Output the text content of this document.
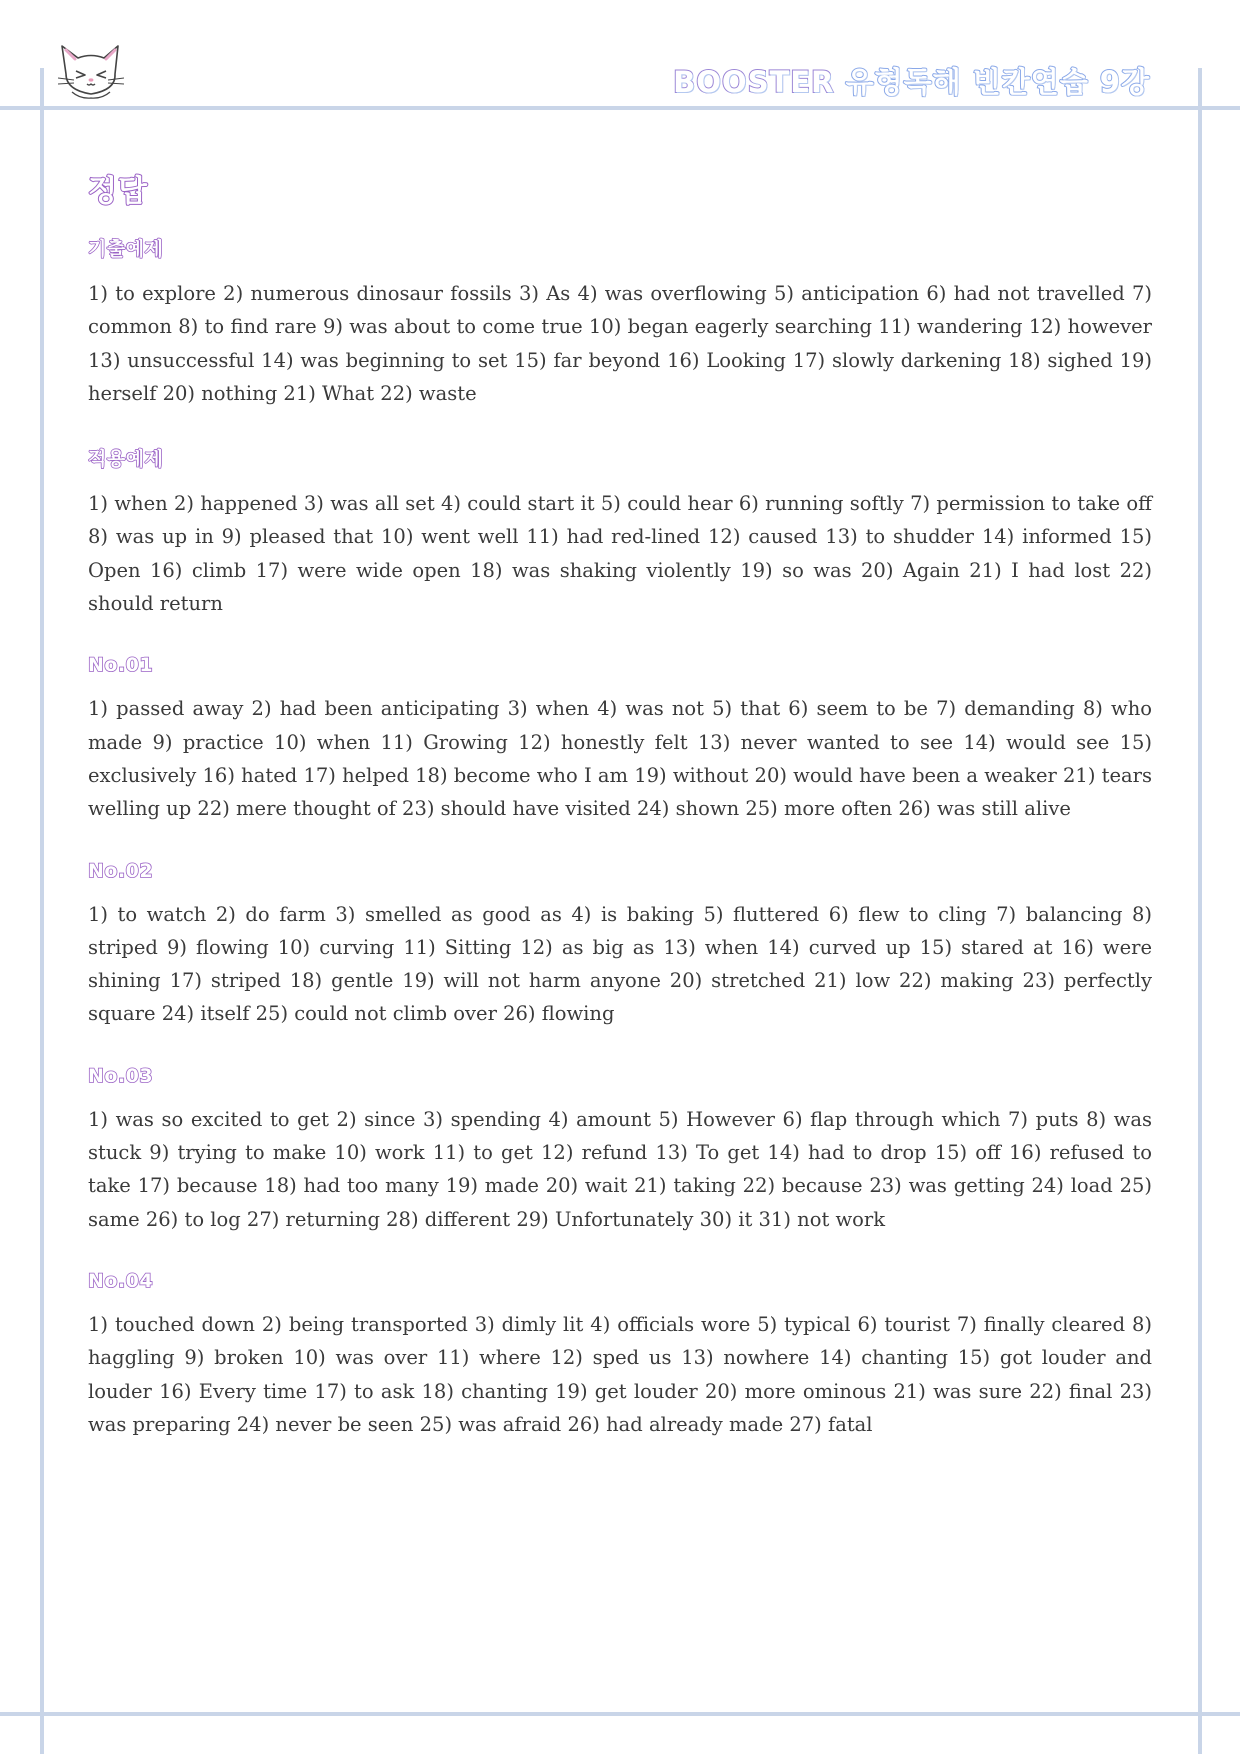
BOOSTER 유형독해 빈칸연습 9강
정답
기출예제

1) to explore 2) numerous dinosaur fossils 3) As 4) was overflowing 5) anticipation 6) had not travelled 7) common 8) to find rare 9) was about to come true 10) began eagerly searching 11) wandering 12) however 13) unsuccessful 14) was beginning to set 15) far beyond 16) Looking 17) slowly darkening 18) sighed 19) herself 20) nothing 21) What 22) waste

적용예제

1) when 2) happened 3) was all set 4) could start it 5) could hear 6) running softly 7) permission to take off 8) was up in 9) pleased that 10) went well 11) had red-lined 12) caused 13) to shudder 14) informed 15) Open 16) climb 17) were wide open 18) was shaking violently 19) so was 20) Again 21) I had lost 22) should return

No.01

1) passed away 2) had been anticipating 3) when 4) was not 5) that 6) seem to be 7) demanding 8) who made 9) practice 10) when 11) Growing 12) honestly felt 13) never wanted to see 14) would see 15) exclusively 16) hated 17) helped 18) become who I am 19) without 20) would have been a weaker 21) tears welling up 22) mere thought of 23) should have visited 24) shown 25) more often 26) was still alive

No.02

1) to watch 2) do farm 3) smelled as good as 4) is baking 5) fluttered 6) flew to cling 7) balancing 8) striped 9) flowing 10) curving 11) Sitting 12) as big as 13) when 14) curved up 15) stared at 16) were shining 17) striped 18) gentle 19) will not harm anyone 20) stretched 21) low 22) making 23) perfectly square 24) itself 25) could not climb over 26) flowing

No.03

1) was so excited to get 2) since 3) spending 4) amount 5) However 6) flap through which 7) puts 8) was stuck 9) trying to make 10) work 11) to get 12) refund 13) To get 14) had to drop 15) off 16) refused to take 17) because 18) had too many 19) made 20) wait 21) taking 22) because 23) was getting 24) load 25) same 26) to log 27) returning 28) different 29) Unfortunately 30) it 31) not work

No.04

1) touched down 2) being transported 3) dimly lit 4) officials wore 5) typical 6) tourist 7) finally cleared 8) haggling 9) broken 10) was over 11) where 12) sped us 13) nowhere 14) chanting 15) got louder and louder 16) Every time 17) to ask 18) chanting 19) get louder 20) more ominous 21) was sure 22) final 23) was preparing 24) never be seen 25) was afraid 26) had already made 27) fatal
